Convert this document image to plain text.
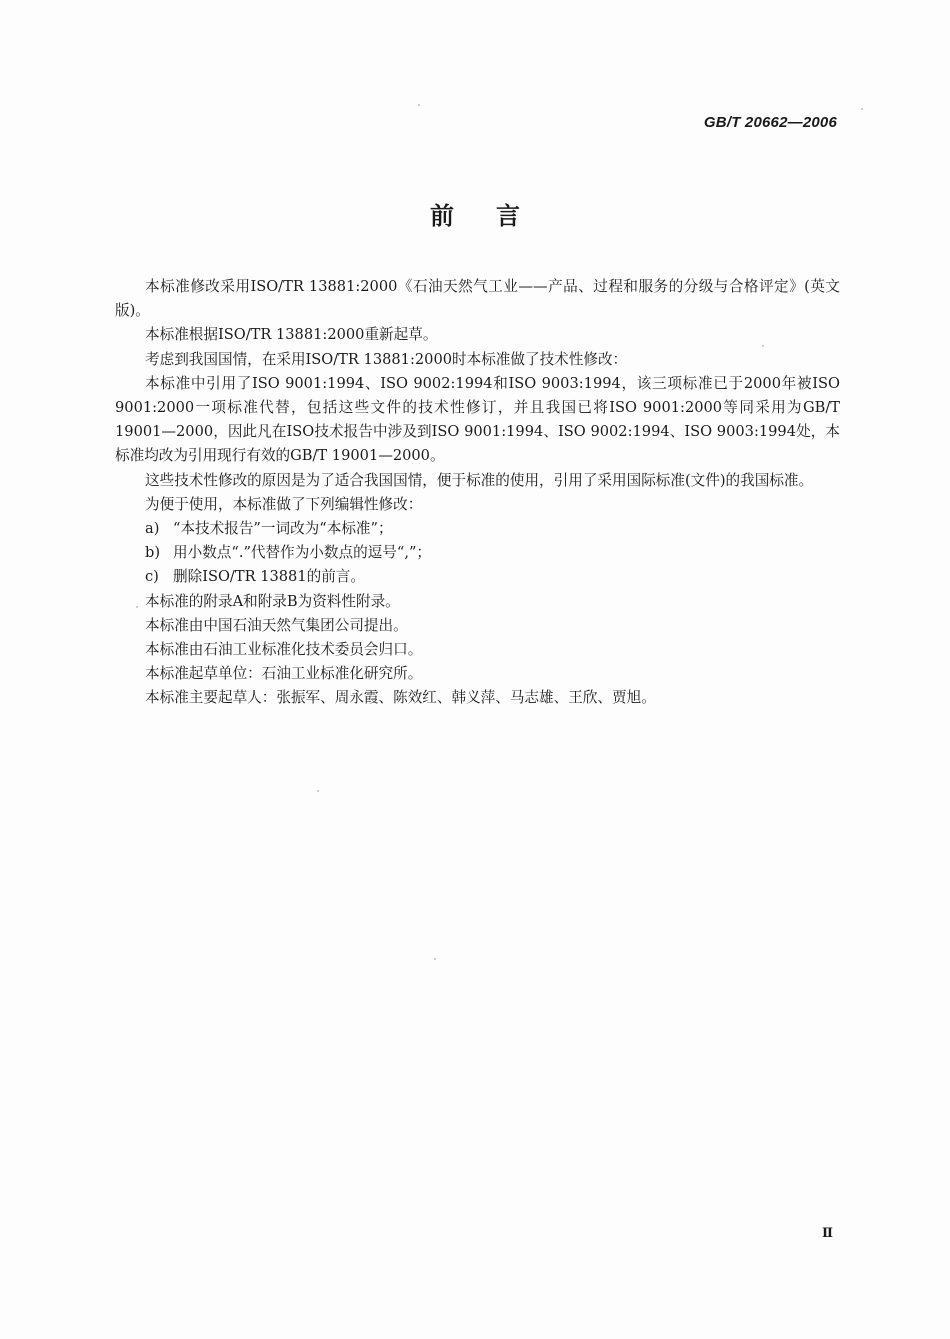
GB/T 20662—2006
前言

本标准修改采用ISO/TR 13881:2000《石油天然气工业——产品、过程和服务的分级与合格评定》(英文版)。

本标准根据ISO/TR 13881:2000重新起草。

考虑到我国国情，在采用ISO/TR 13881:2000时本标准做了技术性修改：

本标准中引用了ISO 9001:1994、ISO 9002:1994和ISO 9003:1994，该三项标准已于2000年被ISO 9001:2000一项标准代替，包括这些文件的技术性修订，并且我国已将ISO 9001:2000等同采用为GB/T 19001—2000，因此凡在ISO技术报告中涉及到ISO 9001:1994、ISO 9002:1994、ISO 9003:1994处，本标准均改为引用现行有效的GB/T 19001—2000。

这些技术性修改的原因是为了适合我国国情，便于标准的使用，引用了采用国际标准(文件)的我国标准。

为便于使用，本标准做了下列编辑性修改：

a) “本技术报告”一词改为“本标准”；

b) 用小数点“.”代替作为小数点的逗号“,”；

c) 删除ISO/TR 13881的前言。

本标准的附录A和附录B为资料性附录。

本标准由中国石油天然气集团公司提出。

本标准由石油工业标准化技术委员会归口。

本标准起草单位：石油工业标准化研究所。

本标准主要起草人：张振军、周永霞、陈效红、韩义萍、马志雄、王欣、贾旭。

Ⅱ
